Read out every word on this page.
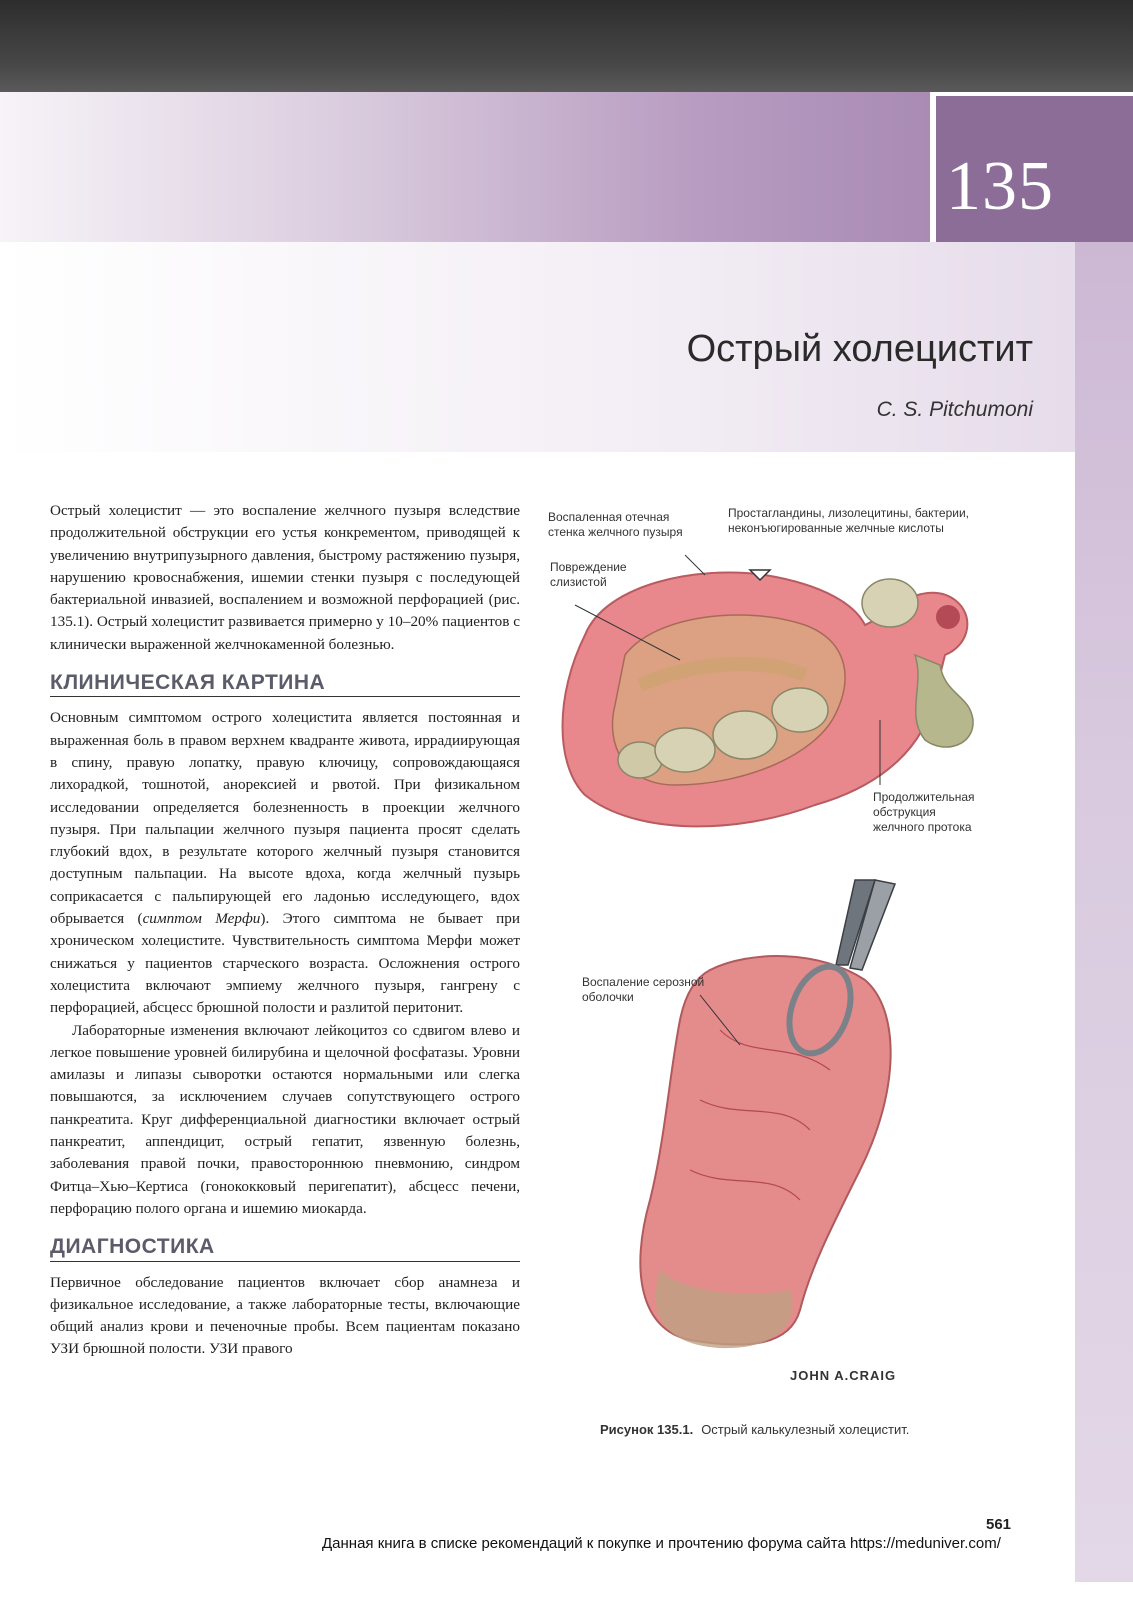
135
Острый холецистит
C. S. Pitchumoni

Острый холецистит — это воспаление желчного пузыря вследствие продолжительной обструкции его устья конкрементом, приводящей к увеличению внутрипузырного давления, быстрому растяжению пузыря, нарушению кровоснабжения, ишемии стенки пузыря с последующей бактериальной инвазией, воспалением и возможной перфорацией (рис. 135.1). Острый холецистит развивается примерно у 10–20% пациентов с клинически выраженной желчнокаменной болезнью.

КЛИНИЧЕСКАЯ КАРТИНА

Основным симптомом острого холецистита является постоянная и выраженная боль в правом верхнем квадранте живота, иррадиирующая в спину, правую лопатку, правую ключицу, сопровождающаяся лихорадкой, тошнотой, анорексией и рвотой. При физикальном исследовании определяется болезненность в проекции желчного пузыря. При пальпации желчного пузыря пациента просят сделать глубокий вдох, в результате которого желчный пузыря становится доступным пальпации. На высоте вдоха, когда желчный пузырь соприкасается с пальпирующей его ладонью исследующего, вдох обрывается (симптом Мерфи). Этого симптома не бывает при хроническом холецистите. Чувствительность симптома Мерфи может снижаться у пациентов старческого возраста. Осложнения острого холецистита включают эмпиему желчного пузыря, гангрену с перфорацией, абсцесс брюшной полости и разлитой перитонит.

Лабораторные изменения включают лейкоцитоз со сдвигом влево и легкое повышение уровней билирубина и щелочной фосфатазы. Уровни амилазы и липазы сыворотки остаются нормальными или слегка повышаются, за исключением случаев сопутствующего острого панкреатита. Круг дифференциальной диагностики включает острый панкреатит, аппендицит, острый гепатит, язвенную болезнь, заболевания правой почки, правостороннюю пневмонию, синдром Фитца–Хью–Кертиса (гонококковый перигепатит), абсцесс печени, перфорацию полого органа и ишемию миокарда.

ДИАГНОСТИКА

Первичное обследование пациентов включает сбор анамнеза и физикальное исследование, а также лабораторные тесты, включающие общий анализ крови и печеночные пробы. Всем пациентам показано УЗИ брюшной полости. УЗИ правого

Воспаленная отечная
стенка желчного пузыря
Простагландины, лизолецитины, бактерии,
неконъюгированные желчные кислоты
Повреждение
слизистой
Продолжительная
обструкция
желчного протока
Воспаление серозной
оболочки
JOHN A.CRAIG
Рисунок 135.1. Острый калькулезный холецистит.
561
Данная книга в списке рекомендаций к покупке и прочтению форума сайта https://meduniver.com/
